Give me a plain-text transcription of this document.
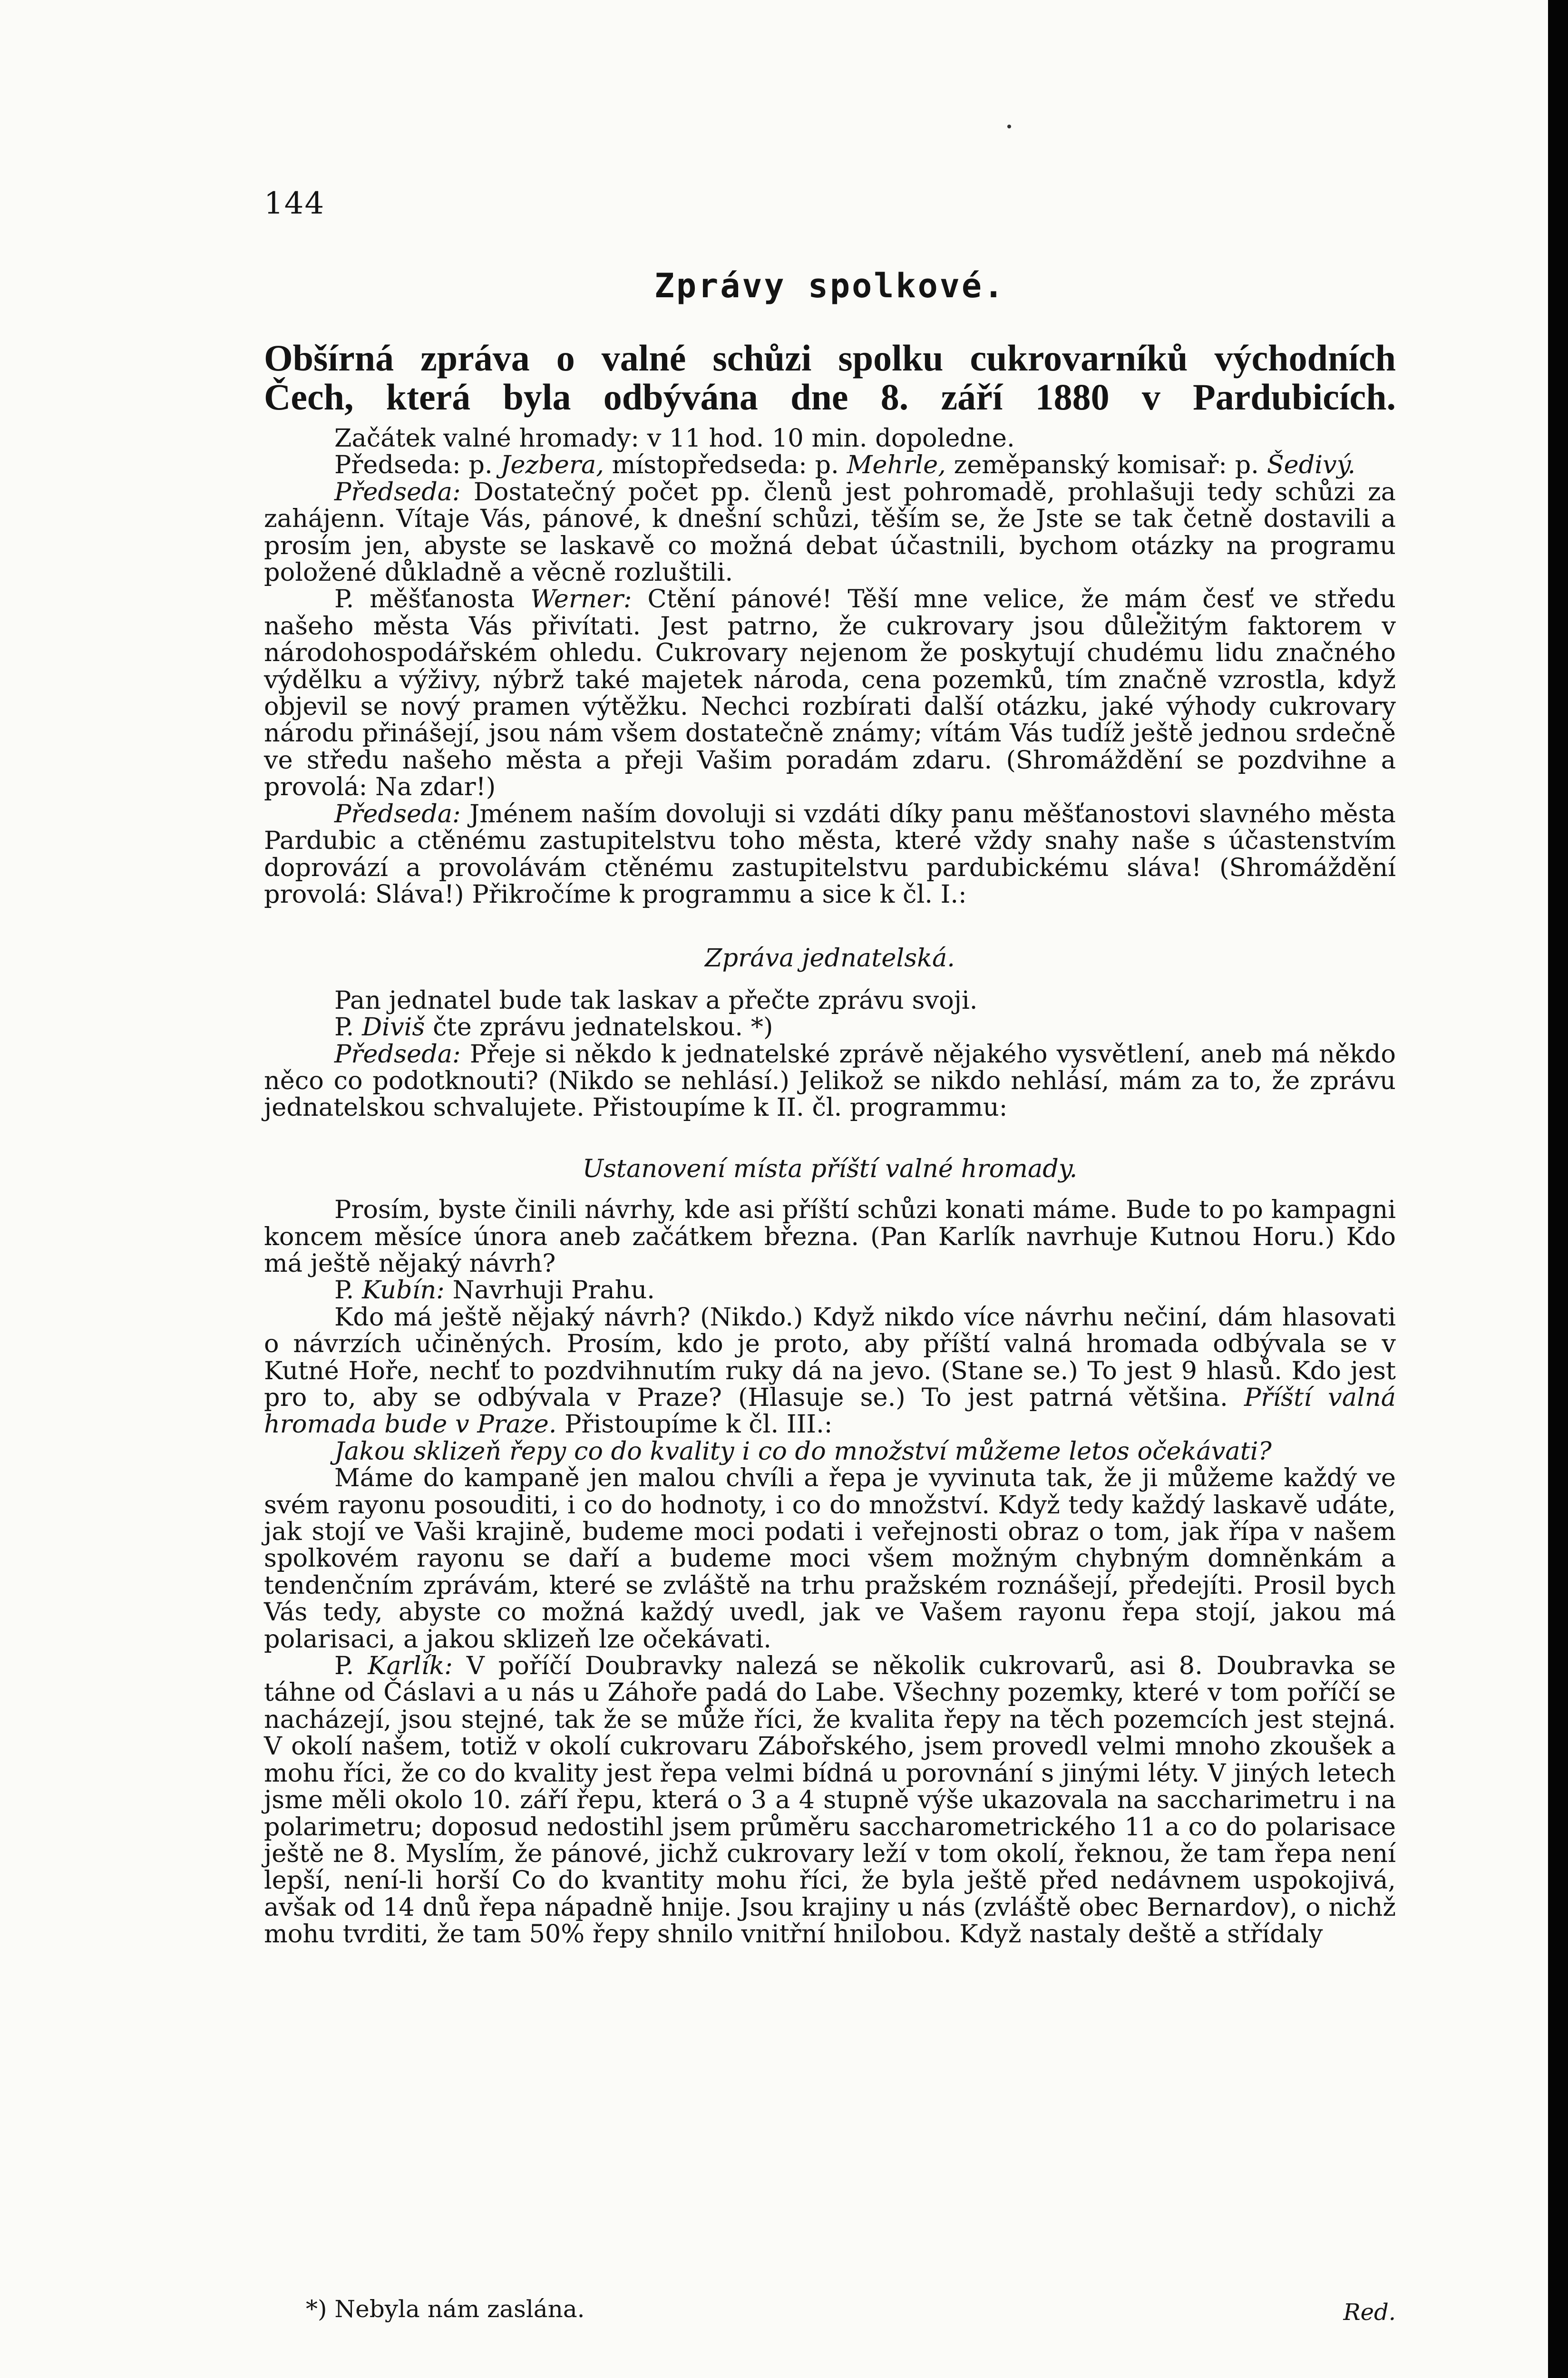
144
Zprávy spolkové.
Obšírná zpráva o valné schůzi spolku cukrovarníků východních
Čech, která byla odbývána dne 8. září 1880 v Pardubicích.

Začátek valné hromady: v 11 hod. 10 min. dopoledne.

Předseda: p. Jezbera, místopředseda: p. Mehrle, zeměpanský komisař: p. Šedivý.

Předseda: Dostatečný počet pp. členů jest pohromadě, prohlašuji tedy schůzi za zahájenn. Vítaje Vás, pánové, k dnešní schůzi, těším se, že Jste se tak četně dostavili a prosím jen, abyste se laskavě co možná debat účastnili, bychom otázky na programu položené důkladně a věcně rozluštili.

P. měšťanosta Werner: Ctění pánové! Těší mne velice, že mám česť ve středu našeho města Vás přivítati. Jest patrno, že cukrovary jsou důležitým faktorem v národohospodářském ohledu. Cukrovary nejenom že poskytují chudému lidu značného výdělku a výživy, nýbrž také majetek národa, cena pozemků, tím značně vzrostla, když objevil se nový pramen výtěžku. Nechci rozbírati další otázku, jaké výhody cukrovary národu přinášejí, jsou nám všem dostatečně známy; vítám Vás tudíž ještě jednou srdečně ve středu našeho města a přeji Vašim poradám zdaru. (Shromáždění se pozdvihne a provolá: Na zdar!)

Předseda: Jménem naším dovoluji si vzdáti díky panu měšťanostovi slavného města Pardubic a ctěnému zastupitelstvu toho města, které vždy snahy naše s účastenstvím doprovází a provolávám ctěnému zastupitelstvu pardubickému sláva! (Shromáždění provolá: Sláva!) Přikročíme k programmu a sice k čl. I.:

Zpráva jednatelská.

Pan jednatel bude tak laskav a přečte zprávu svoji.

P. Diviš čte zprávu jednatelskou. *)

Předseda: Přeje si někdo k jednatelské zprávě nějakého vysvětlení, aneb má někdo něco co podotknouti? (Nikdo se nehlásí.) Jelikož se nikdo nehlásí, mám za to, že zprávu jednatelskou schvalujete. Přistoupíme k II. čl. programmu:

Ustanovení místa příští valné hromady.

Prosím, byste činili návrhy, kde asi příští schůzi konati máme. Bude to po kampagni koncem měsíce února aneb začátkem března. (Pan Karlík navrhuje Kutnou Horu.) Kdo má ještě nějaký návrh?

P. Kubín: Navrhuji Prahu.

Kdo má ještě nějaký návrh? (Nikdo.) Když nikdo více návrhu nečiní, dám hlasovati o návrzích učiněných. Prosím, kdo je proto, aby příští valná hromada odbývala se v Kutné Hoře, nechť to pozdvihnutím ruky dá na jevo. (Stane se.) To jest 9 hlasů. Kdo jest pro to, aby se odbývala v Praze? (Hlasuje se.) To jest patrná většina. Příští valná hromada bude v Praze. Přistoupíme k čl. III.:

Jakou sklizeň řepy co do kvality i co do množství můžeme letos očekávati?

Máme do kampaně jen malou chvíli a řepa je vyvinuta tak, že ji můžeme každý ve svém rayonu posouditi, i co do hodnoty, i co do množství. Když tedy každý laskavě udáte, jak stojí ve Vaši krajině, budeme moci podati i veřejnosti obraz o tom, jak řípa v našem spolkovém rayonu se daří a budeme moci všem možným chybným domněnkám a tendenčním zprávám, které se zvláště na trhu pražském roznášejí, předejíti. Prosil bych Vás tedy, abyste co možná každý uvedl, jak ve Vašem rayonu řepa stojí, jakou má polarisaci, a jakou sklizeň lze očekávati.

P. Karlík: V poříčí Doubravky nalezá se několik cukrovarů, asi 8. Doubravka se táhne od Čáslavi a u nás u Záhoře padá do Labe. Všechny pozemky, které v tom poříčí se nacházejí, jsou stejné, tak že se může říci, že kvalita řepy na těch pozemcích jest stejná. V okolí našem, totiž v okolí cukrovaru Zábořského, jsem provedl velmi mnoho zkoušek a mohu říci, že co do kvality jest řepa velmi bídná u porovnání s jinými léty. V jiných letech jsme měli okolo 10. září řepu, která o 3 a 4 stupně výše ukazovala na saccharimetru i na polarimetru; doposud nedostihl jsem průměru saccharometrického 11 a co do polarisace ještě ne 8. Myslím, že pánové, jichž cukrovary leží v tom okolí, řeknou, že tam řepa není lepší, není-li horší Co do kvantity mohu říci, že byla ještě před nedávnem uspokojivá, avšak od 14 dnů řepa nápadně hnije. Jsou krajiny u nás (zvláště obec Bernardov), o nichž mohu tvrditi, že tam 50% řepy shnilo vnitřní hnilobou. Když nastaly deště a střídaly

*) Nebyla nám zaslána.	Red.
